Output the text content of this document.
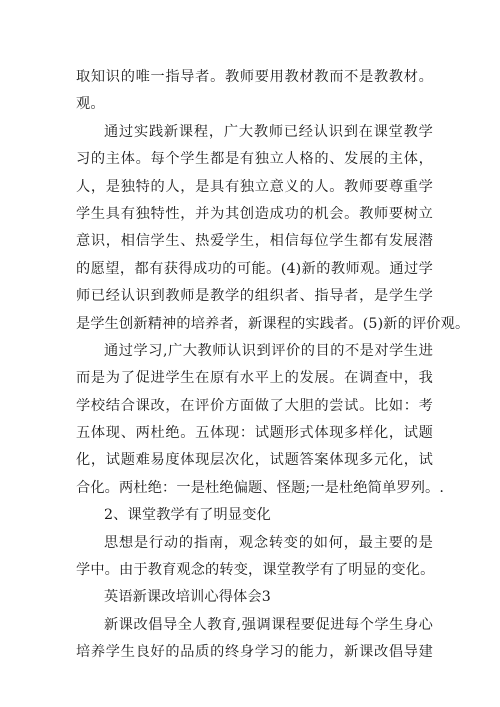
取知识的唯一指导者。教师要用教材教而不是教教材。
观。
通过实践新课程，广大教师已经认识到在课堂教学
习的主体。每个学生都是有独立人格的、发展的主体，
人，是独特的人，是具有独立意义的人。教师要尊重学
学生具有独特性，并为其创造成功的机会。教师要树立
意识，相信学生、热爱学生，相信每位学生都有发展潜
的愿望，都有获得成功的可能。(4)新的教师观。通过学
师已经认识到教师是教学的组织者、指导者，是学生学
是学生创新精神的培养者，新课程的实践者。(5)新的评价观。
通过学习,广大教师认识到评价的目的不是对学生进
而是为了促进学生在原有水平上的发展。在调查中，我
学校结合课改，在评价方面做了大胆的尝试。比如：考
五体现、两杜绝。五体现：试题形式体现多样化，试题
化，试题难易度体现层次化，试题答案体现多元化，试
合化。两杜绝：一是杜绝偏题、怪题;一是杜绝简单罗列。.
2、课堂教学有了明显变化
思想是行动的指南，观念转变的如何，最主要的是
学中。由于教育观念的转变，课堂教学有了明显的变化。
英语新课改培训心得体会3
新课改倡导全人教育,强调课程要促进每个学生身心
培养学生良好的品质的终身学习的能力，新课改倡导建
